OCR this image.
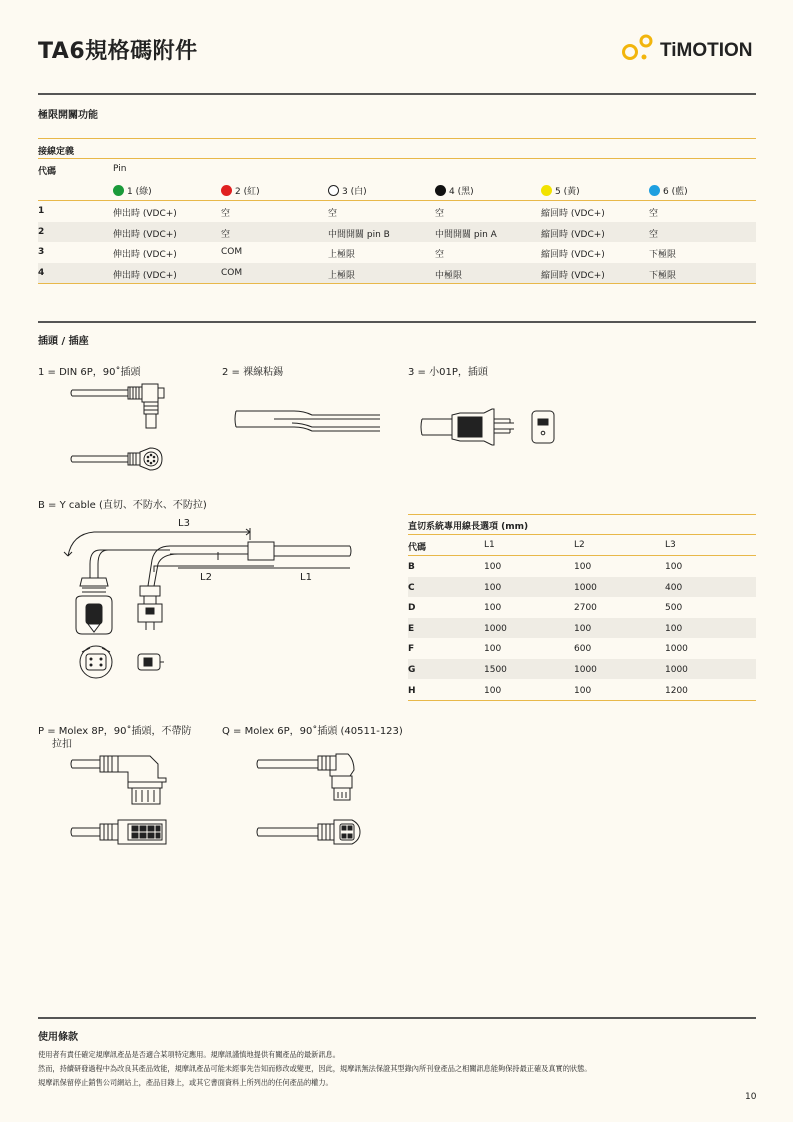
TA6規格碼附件	TiMOTION
極限開關功能
接線定義
代碼	Pin
1 (綠)	2 (紅)	3 (白)	4 (黑)	5 (黃)	6 (藍)
1	伸出時 (VDC+)	空	空	空	縮回時 (VDC+)	空
2	伸出時 (VDC+)	空	中間開關 pin B	中間開關 pin A	縮回時 (VDC+)	空
3	伸出時 (VDC+)	COM	上極限	空	縮回時 (VDC+)	下極限
4	伸出時 (VDC+)	COM	上極限	中極限	縮回時 (VDC+)	下極限
插頭 / 插座
1 = DIN 6P，90˚插頭	2 = 裸線粘錫	3 = 小01P，插頭
B = Y cable (直切、不防水、不防拉)
L3
L2	L1
直切系統專用線長選項 (mm)
代碼	L1	L2	L3
B	100	100	100
C	100	1000	400
D	100	2700	500
E	1000	100	100
F	100	600	1000
G	1500	1000	1000
H	100	100	1200
P = Molex 8P，90˚插頭，不帶防
拉扣
Q = Molex 6P，90˚插頭 (40511-123)
使用條款
使用者有責任確定規摩訊產品是否適合某項特定應用。規摩訊謹慎地提供有關產品的最新訊息。
然而，持續研發過程中為改良其產品效能，規摩訊產品可能未經事先告知而修改或變更，因此，規摩訊無法保證其型錄內所刊登產品之相關訊息能夠保持最正確及真實的狀態。
規摩訊保留停止銷售公司網站上，產品目錄上，或其它書面資料上所列出的任何產品的權力。
10
